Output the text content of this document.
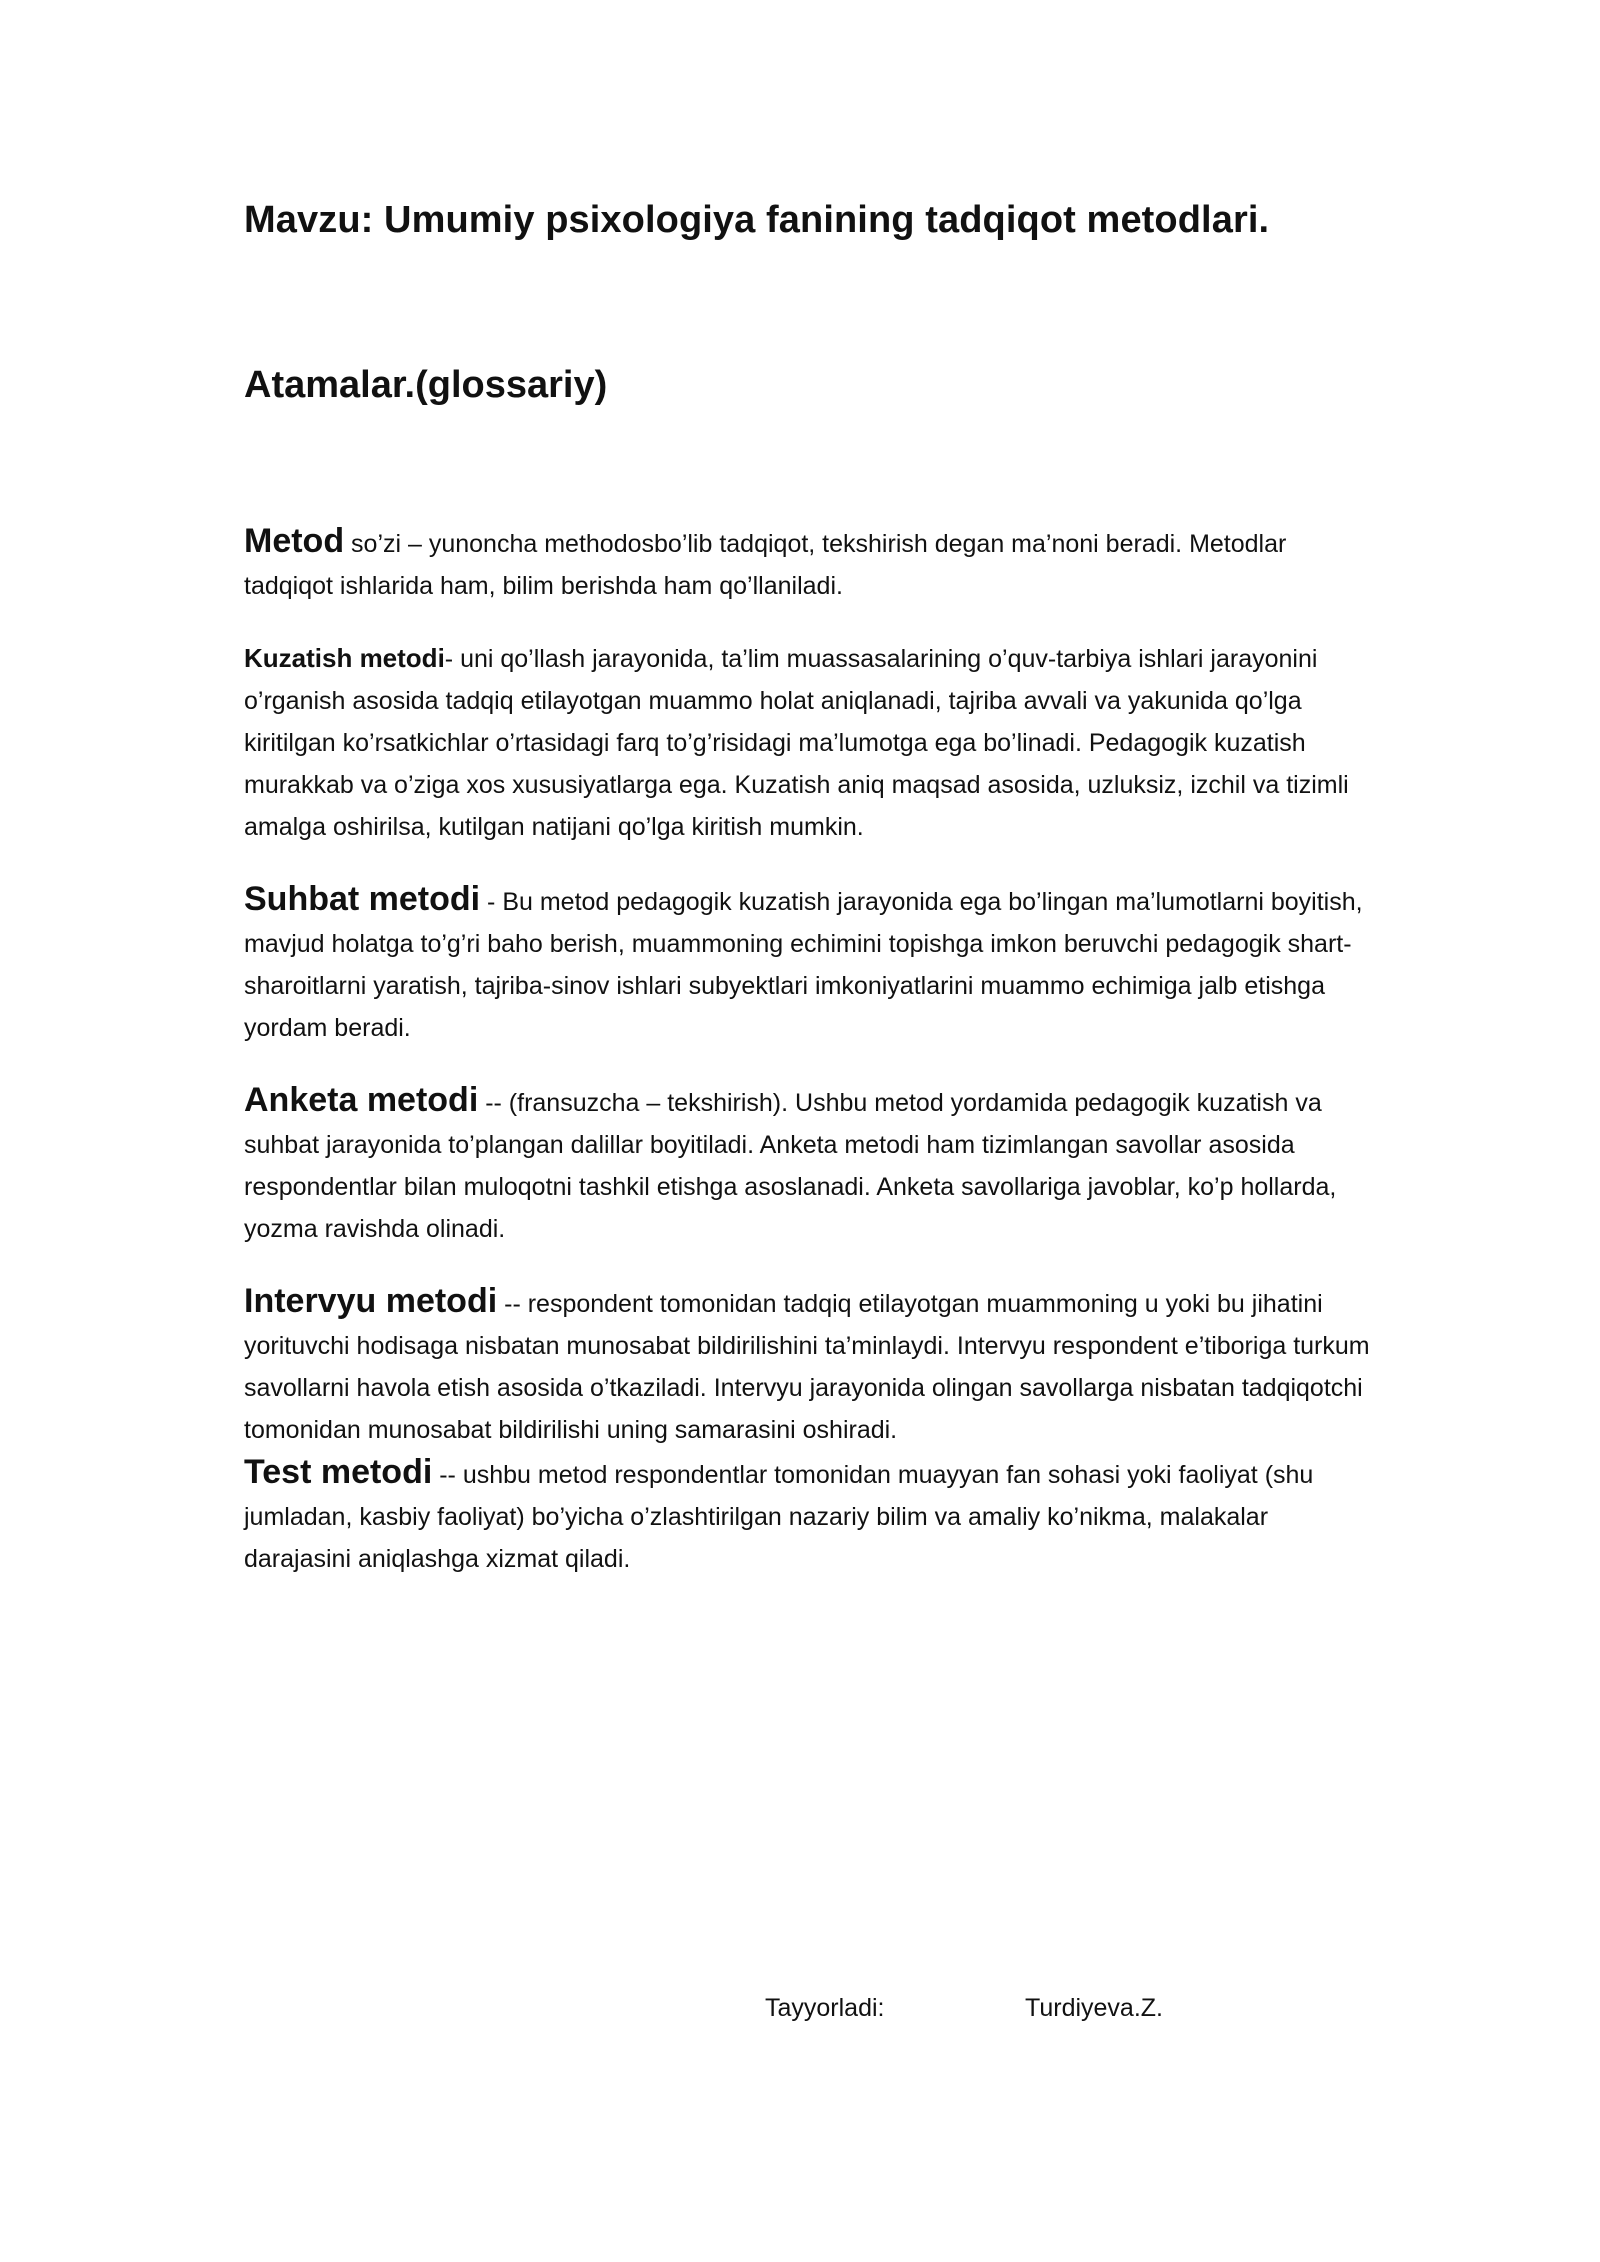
Mavzu: Umumiy psixologiya fanining tadqiqot metodlari.
Atamalar.(glossariy)

Metod so’zi – yunoncha methodosbo’lib tadqiqot, tekshirish degan ma’noni beradi. Metodlar tadqiqot ishlarida ham, bilim berishda ham qo’llaniladi.

Kuzatish metodi- uni qo’llash jarayonida, ta’lim muassasalarining o’quv-tarbiya ishlari jarayonini o’rganish asosida tadqiq etilayotgan muammo holat aniqlanadi, tajriba avvali va yakunida qo’lga kiritilgan ko’rsatkichlar o’rtasidagi farq to’g’risidagi ma’lumotga ega bo’linadi. Pedagogik kuzatish murakkab va o’ziga xos xususiyatlarga ega. Kuzatish aniq maqsad asosida, uzluksiz, izchil va tizimli amalga oshirilsa, kutilgan natijani qo’lga kiritish mumkin.

Suhbat metodi - Bu metod pedagogik kuzatish jarayonida ega bo’lingan ma’lumotlarni boyitish, mavjud holatga to’g’ri baho berish, muammoning echimini topishga imkon beruvchi pedagogik shart-sharoitlarni yaratish, tajriba-sinov ishlari subyektlari imkoniyatlarini muammo echimiga jalb etishga yordam beradi.

Anketa metodi -- (fransuzcha – tekshirish). Ushbu metod yordamida pedagogik kuzatish va suhbat jarayonida to’plangan dalillar boyitiladi. Anketa metodi ham tizimlangan savollar asosida respondentlar bilan muloqotni tashkil etishga asoslanadi. Anketa savollariga javoblar, ko’p hollarda, yozma ravishda olinadi.

Intervyu metodi -- respondent tomonidan tadqiq etilayotgan muammoning u yoki bu jihatini yorituvchi hodisaga nisbatan munosabat bildirilishini ta’minlaydi. Intervyu respondent e’tiboriga turkum savollarni havola etish asosida o’tkaziladi. Intervyu jarayonida olingan savollarga nisbatan tadqiqotchi tomonidan munosabat bildirilishi uning samarasini oshiradi.

Test metodi -- ushbu metod respondentlar tomonidan muayyan fan sohasi yoki faoliyat (shu jumladan, kasbiy faoliyat) bo’yicha o’zlashtirilgan nazariy bilim va amaliy ko’nikma, malakalar darajasini aniqlashga xizmat qiladi.

Tayyorladi:	Turdiyeva.Z.
